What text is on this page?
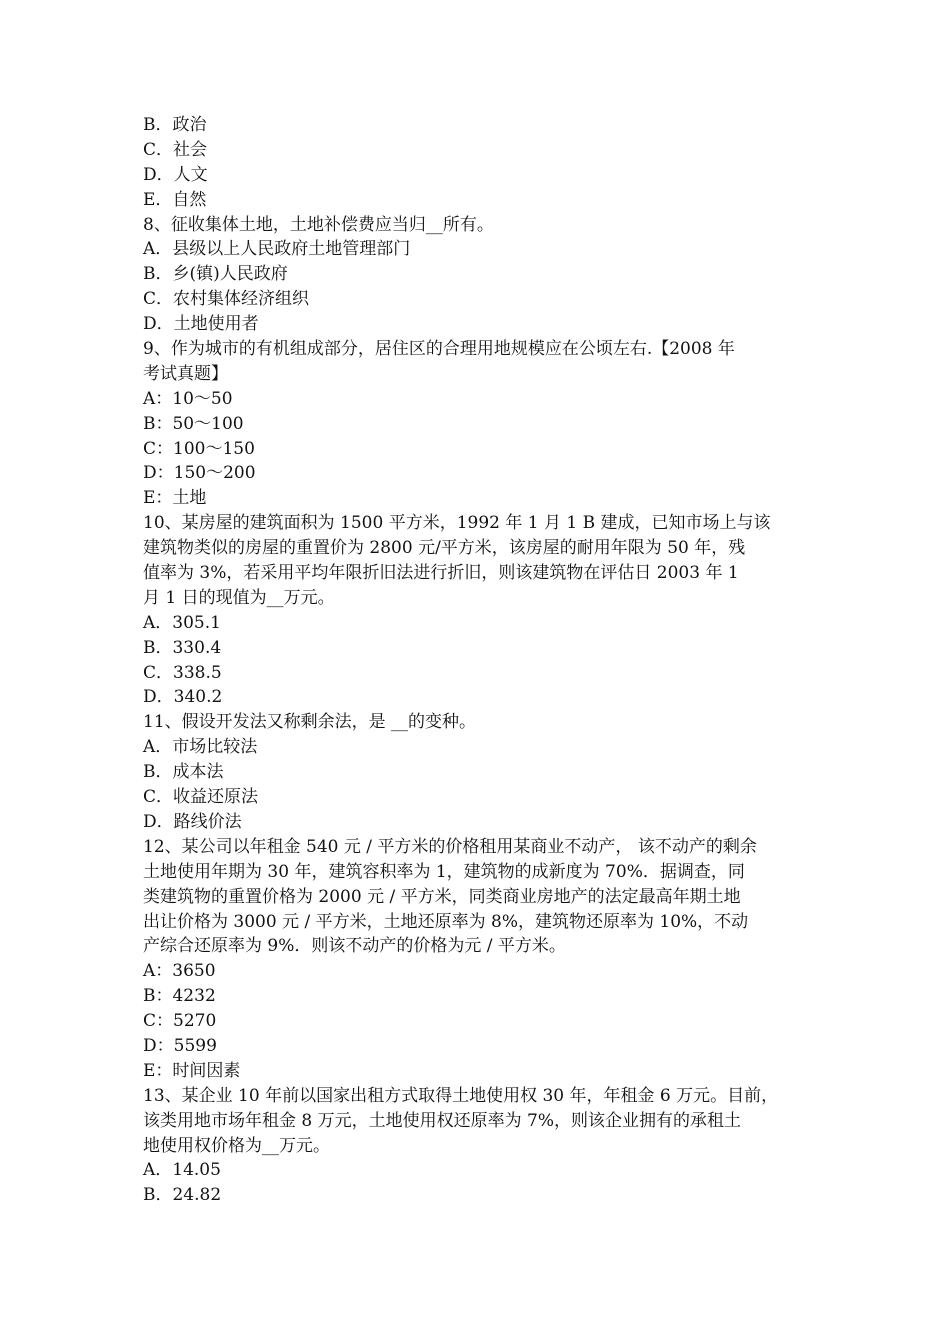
B．政治
C．社会
D．人文
E．自然
8、征收集体土地，土地补偿费应当归__所有。
A．县级以上人民政府土地管理部门
B．乡(镇)人民政府
C．农村集体经济组织
D．土地使用者
9、作为城市的有机组成部分，居住区的合理用地规模应在公顷左右.【2008 年
考试真题】
A：10～50
B：50～100
C：100～150
D：150～200
E：土地
10、某房屋的建筑面积为 1500 平方米，1992 年 1 月 1 B 建成，已知市场上与该
建筑物类似的房屋的重置价为 2800 元/平方米，该房屋的耐用年限为 50 年，残
值率为 3%，若采用平均年限折旧法进行折旧，则该建筑物在评估日 2003 年 1
月 1 日的现值为__万元。
A．305.1
B．330.4
C．338.5
D．340.2
11、假设开发法又称剩余法，是 __的变种。
A．市场比较法
B．成本法
C．收益还原法
D．路线价法
12、某公司以年租金 540 元 / 平方米的价格租用某商业不动产， 该不动产的剩余
土地使用年期为 30 年，建筑容积率为 1，建筑物的成新度为 70%．据调查，同
类建筑物的重置价格为 2000 元 / 平方米，同类商业房地产的法定最高年期土地
出让价格为 3000 元 / 平方米，土地还原率为 8%，建筑物还原率为 10%，不动
产综合还原率为 9%．则该不动产的价格为元 / 平方米。
A：3650
B：4232
C：5270
D：5599
E：时间因素
13、某企业 10 年前以国家出租方式取得土地使用权 30 年，年租金 6 万元。目前，
该类用地市场年租金 8 万元，土地使用权还原率为 7%，则该企业拥有的承租土
地使用权价格为__万元。
A．14.05
B．24.82
